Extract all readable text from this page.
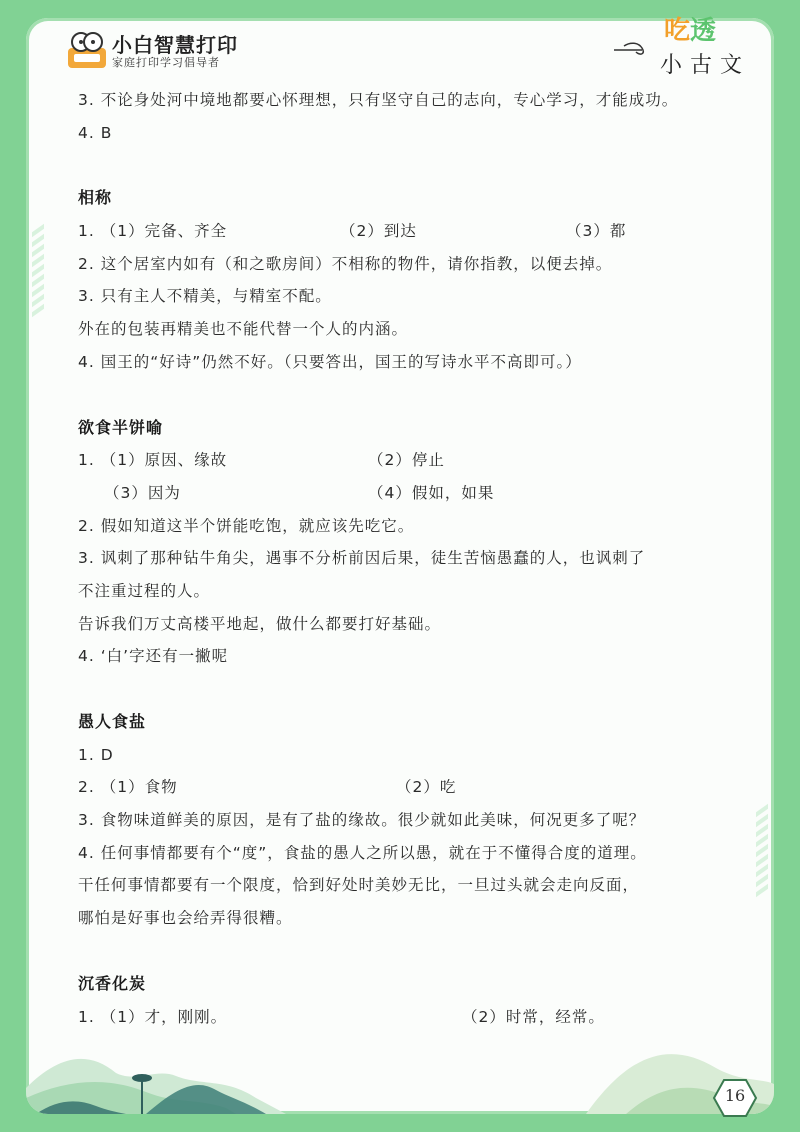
小白智慧打印
家庭打印学习倡导者
吃透
小古文
3. 不论身处河中境地都要心怀理想，只有坚守自己的志向，专心学习，才能成功。
4. B
相称
1. （1）完备、齐全	（2）到达	（3）都
2. 这个居室内如有（和之歌房间）不相称的物件，请你指教，以便去掉。
3. 只有主人不精美，与精室不配。
外在的包装再精美也不能代替一个人的内涵。
4. 国王的“好诗”仍然不好。（只要答出，国王的写诗水平不高即可。）
欲食半饼喻
1. （1）原因、缘故	（2）停止
（3）因为	（4）假如，如果
2. 假如知道这半个饼能吃饱，就应该先吃它。
3. 讽刺了那种钻牛角尖，遇事不分析前因后果，徒生苦恼愚蠢的人，也讽刺了
不注重过程的人。
告诉我们万丈高楼平地起，做什么都要打好基础。
4. ‘白’字还有一撇呢
愚人食盐
1. D
2. （1）食物	（2）吃
3. 食物味道鲜美的原因，是有了盐的缘故。很少就如此美味，何况更多了呢？
4. 任何事情都要有个“度”，食盐的愚人之所以愚，就在于不懂得合度的道理。
干任何事情都要有一个限度，恰到好处时美妙无比，一旦过头就会走向反面，
哪怕是好事也会给弄得很糟。
沉香化炭
1. （1）才，刚刚。	（2）时常，经常。
16
